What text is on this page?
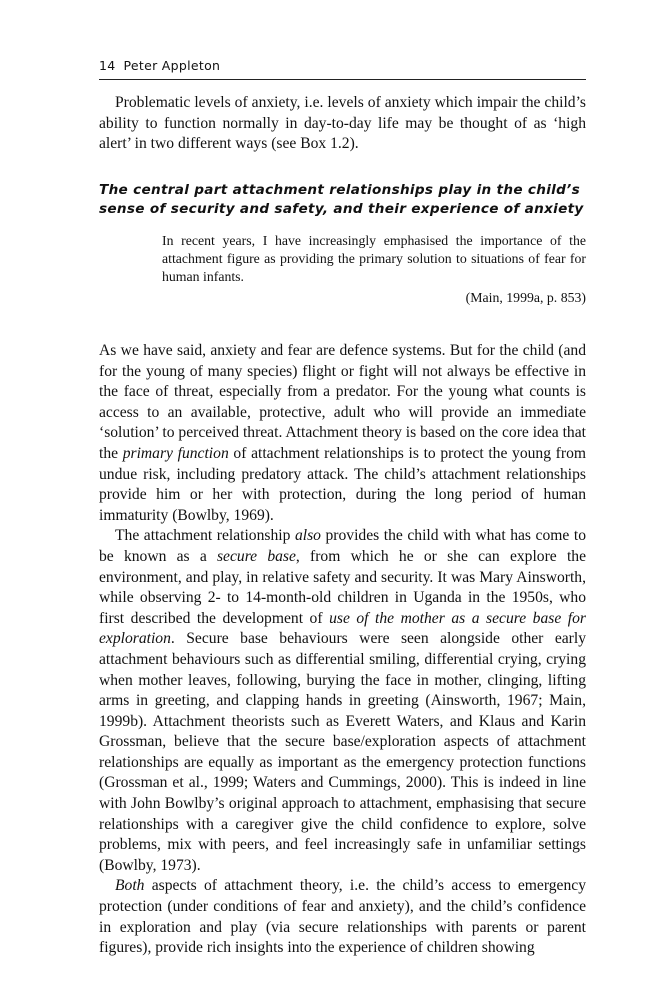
14 Peter Appleton

Problematic levels of anxiety, i.e. levels of anxiety which impair the child’s ability to function normally in day-to-day life may be thought of as ‘high alert’ in two different ways (see Box 1.2).

The central part attachment relationships play in the child’s sense of security and safety, and their experience of anxiety

In recent years, I have increasingly emphasised the importance of the attachment figure as providing the primary solution to situations of fear for human infants.

(Main, 1999a, p. 853)

As we have said, anxiety and fear are defence systems. But for the child (and for the young of many species) flight or fight will not always be effective in the face of threat, especially from a predator. For the young what counts is access to an available, protective, adult who will provide an immediate ‘solution’ to perceived threat. Attachment theory is based on the core idea that the primary function of attachment relationships is to protect the young from undue risk, including predatory attack. The child’s attachment relationships provide him or her with protection, during the long period of human immaturity (Bowlby, 1969).

The attachment relationship also provides the child with what has come to be known as a secure base, from which he or she can explore the environment, and play, in relative safety and security. It was Mary Ainsworth, while observing 2- to 14-month-old children in Uganda in the 1950s, who first described the development of use of the mother as a secure base for exploration. Secure base behaviours were seen alongside other early attachment behaviours such as differential smiling, differential crying, crying when mother leaves, following, burying the face in mother, clinging, lifting arms in greeting, and clapping hands in greeting (Ainsworth, 1967; Main, 1999b). Attachment theorists such as Everett Waters, and Klaus and Karin Grossman, believe that the secure base/exploration aspects of attachment relationships are equally as important as the emergency protection functions (Grossman et al., 1999; Waters and Cummings, 2000). This is indeed in line with John Bowlby’s original approach to attachment, emphasising that secure relationships with a caregiver give the child confidence to explore, solve problems, mix with peers, and feel increasingly safe in unfamiliar settings (Bowlby, 1973).

Both aspects of attachment theory, i.e. the child’s access to emergency protection (under conditions of fear and anxiety), and the child’s confidence in exploration and play (via secure relationships with parents or parent figures), provide rich insights into the experience of children showing
